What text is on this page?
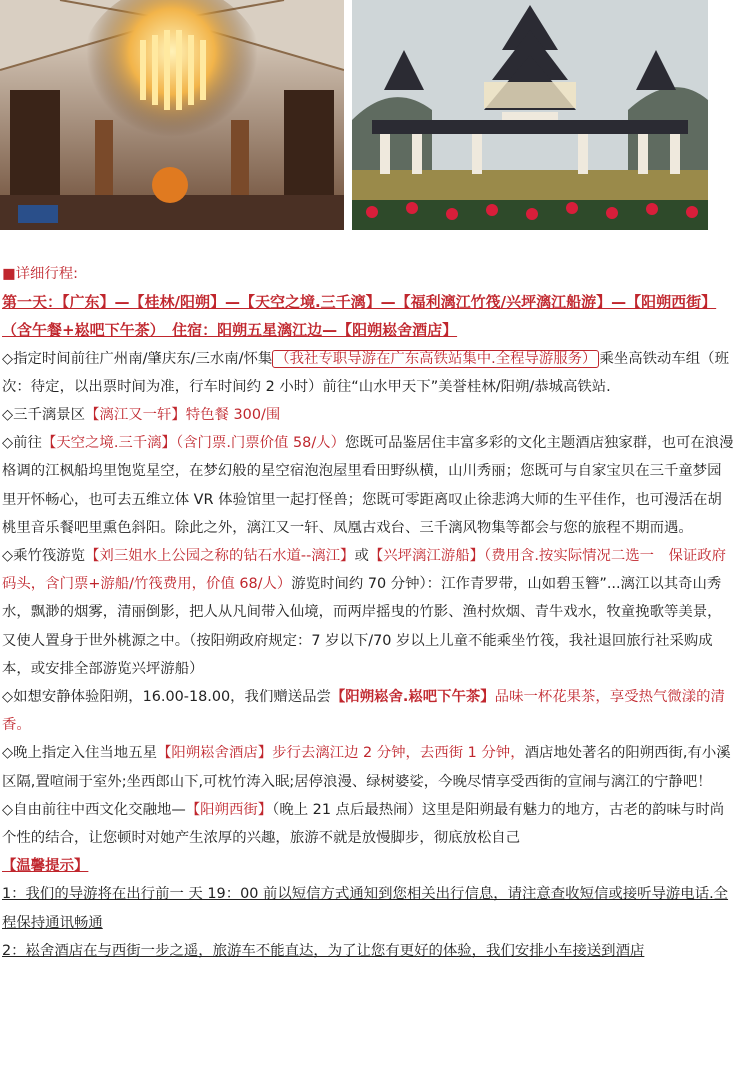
■详细行程:

第一天：【广东】—【桂林/阳朔】—【天空之境.三千漓】—【福利漓江竹筏/兴坪漓江船游】—【阳朔西街】（含午餐+崧吧下午茶）　住宿：阳朔五星漓江边—【阳朔崧舍酒店】

◇指定时间前往广州南/肇庆东/三水南/怀集 （我社专职导游在广东高铁站集中.全程导游服务） 乘坐高铁动车组（班次：待定，以出票时间为准，行车时间约 2 小时）前往“山水甲天下”美誉桂林/阳朔/恭城高铁站.

◇三千漓景区【漓江又一轩】特色餐 300/围

◇前往【天空之境.三千漓】（含门票.门票价值 58/人）您既可品鉴居住丰富多彩的文化主题酒店独家群，也可在浪漫格调的江枫船坞里饱览星空，在梦幻般的星空宿泡泡屋里看田野纵横，山川秀丽；您既可与自家宝贝在三千童梦园里开怀畅心，也可去五维立体 VR 体验馆里一起打怪兽；您既可零距离叹止徐悲鸿大师的生平佳作，也可漫活在胡桃里音乐餐吧里熏色斜阳。除此之外，漓江又一轩、凤凰古戏台、三千漓风物集等都会与您的旅程不期而遇。

◇乘竹筏游览【刘三姐水上公园之称的钻石水道--漓江】或【兴坪漓江游船】（费用含.按实际情况二选一　保证政府码头，含门票+游船/竹筏费用，价值 68/人）游览时间约 70 分钟）：江作青罗带，山如碧玉簪”...漓江以其奇山秀水，飘渺的烟雾，清丽倒影，把人从凡间带入仙境，而两岸摇曳的竹影、渔村炊烟、青牛戏水，牧童挽歌等美景，又使人置身于世外桃源之中。（按阳朔政府规定：7 岁以下/70 岁以上儿童不能乘坐竹筏，我社退回旅行社采购成本，或安排全部游览兴坪游船）

◇如想安静体验阳朔，16.00-18.00，我们赠送品尝【阳朔崧舍.崧吧下午茶】品味一杯花果茶，享受热气微漾的清香。

◇晚上指定入住当地五星【阳朔崧舍酒店】步行去漓江边 2 分钟，去西街 1 分钟，酒店地处著名的阳朔西街,有小溪区隔,置喧闹于室外;坐西郎山下,可枕竹涛入眠;居停浪漫、绿树婆娑，今晚尽情享受西街的宣闹与漓江的宁静吧！

◇自由前往中西文化交融地—【阳朔西街】（晚上 21 点后最热闹）这里是阳朔最有魅力的地方，古老的韵味与时尚个性的结合，让您顿时对她产生浓厚的兴趣，旅游不就是放慢脚步，彻底放松自己

【温馨提示】

1：我们的导游将在出行前一 天 19：00 前以短信方式通知到您相关出行信息，请注意查收短信或接听导游电话.全程保持通讯畅通

2：崧舍酒店在与西街一步之遥，旅游车不能直达，为了让您有更好的体验，我们安排小车接送到酒店
